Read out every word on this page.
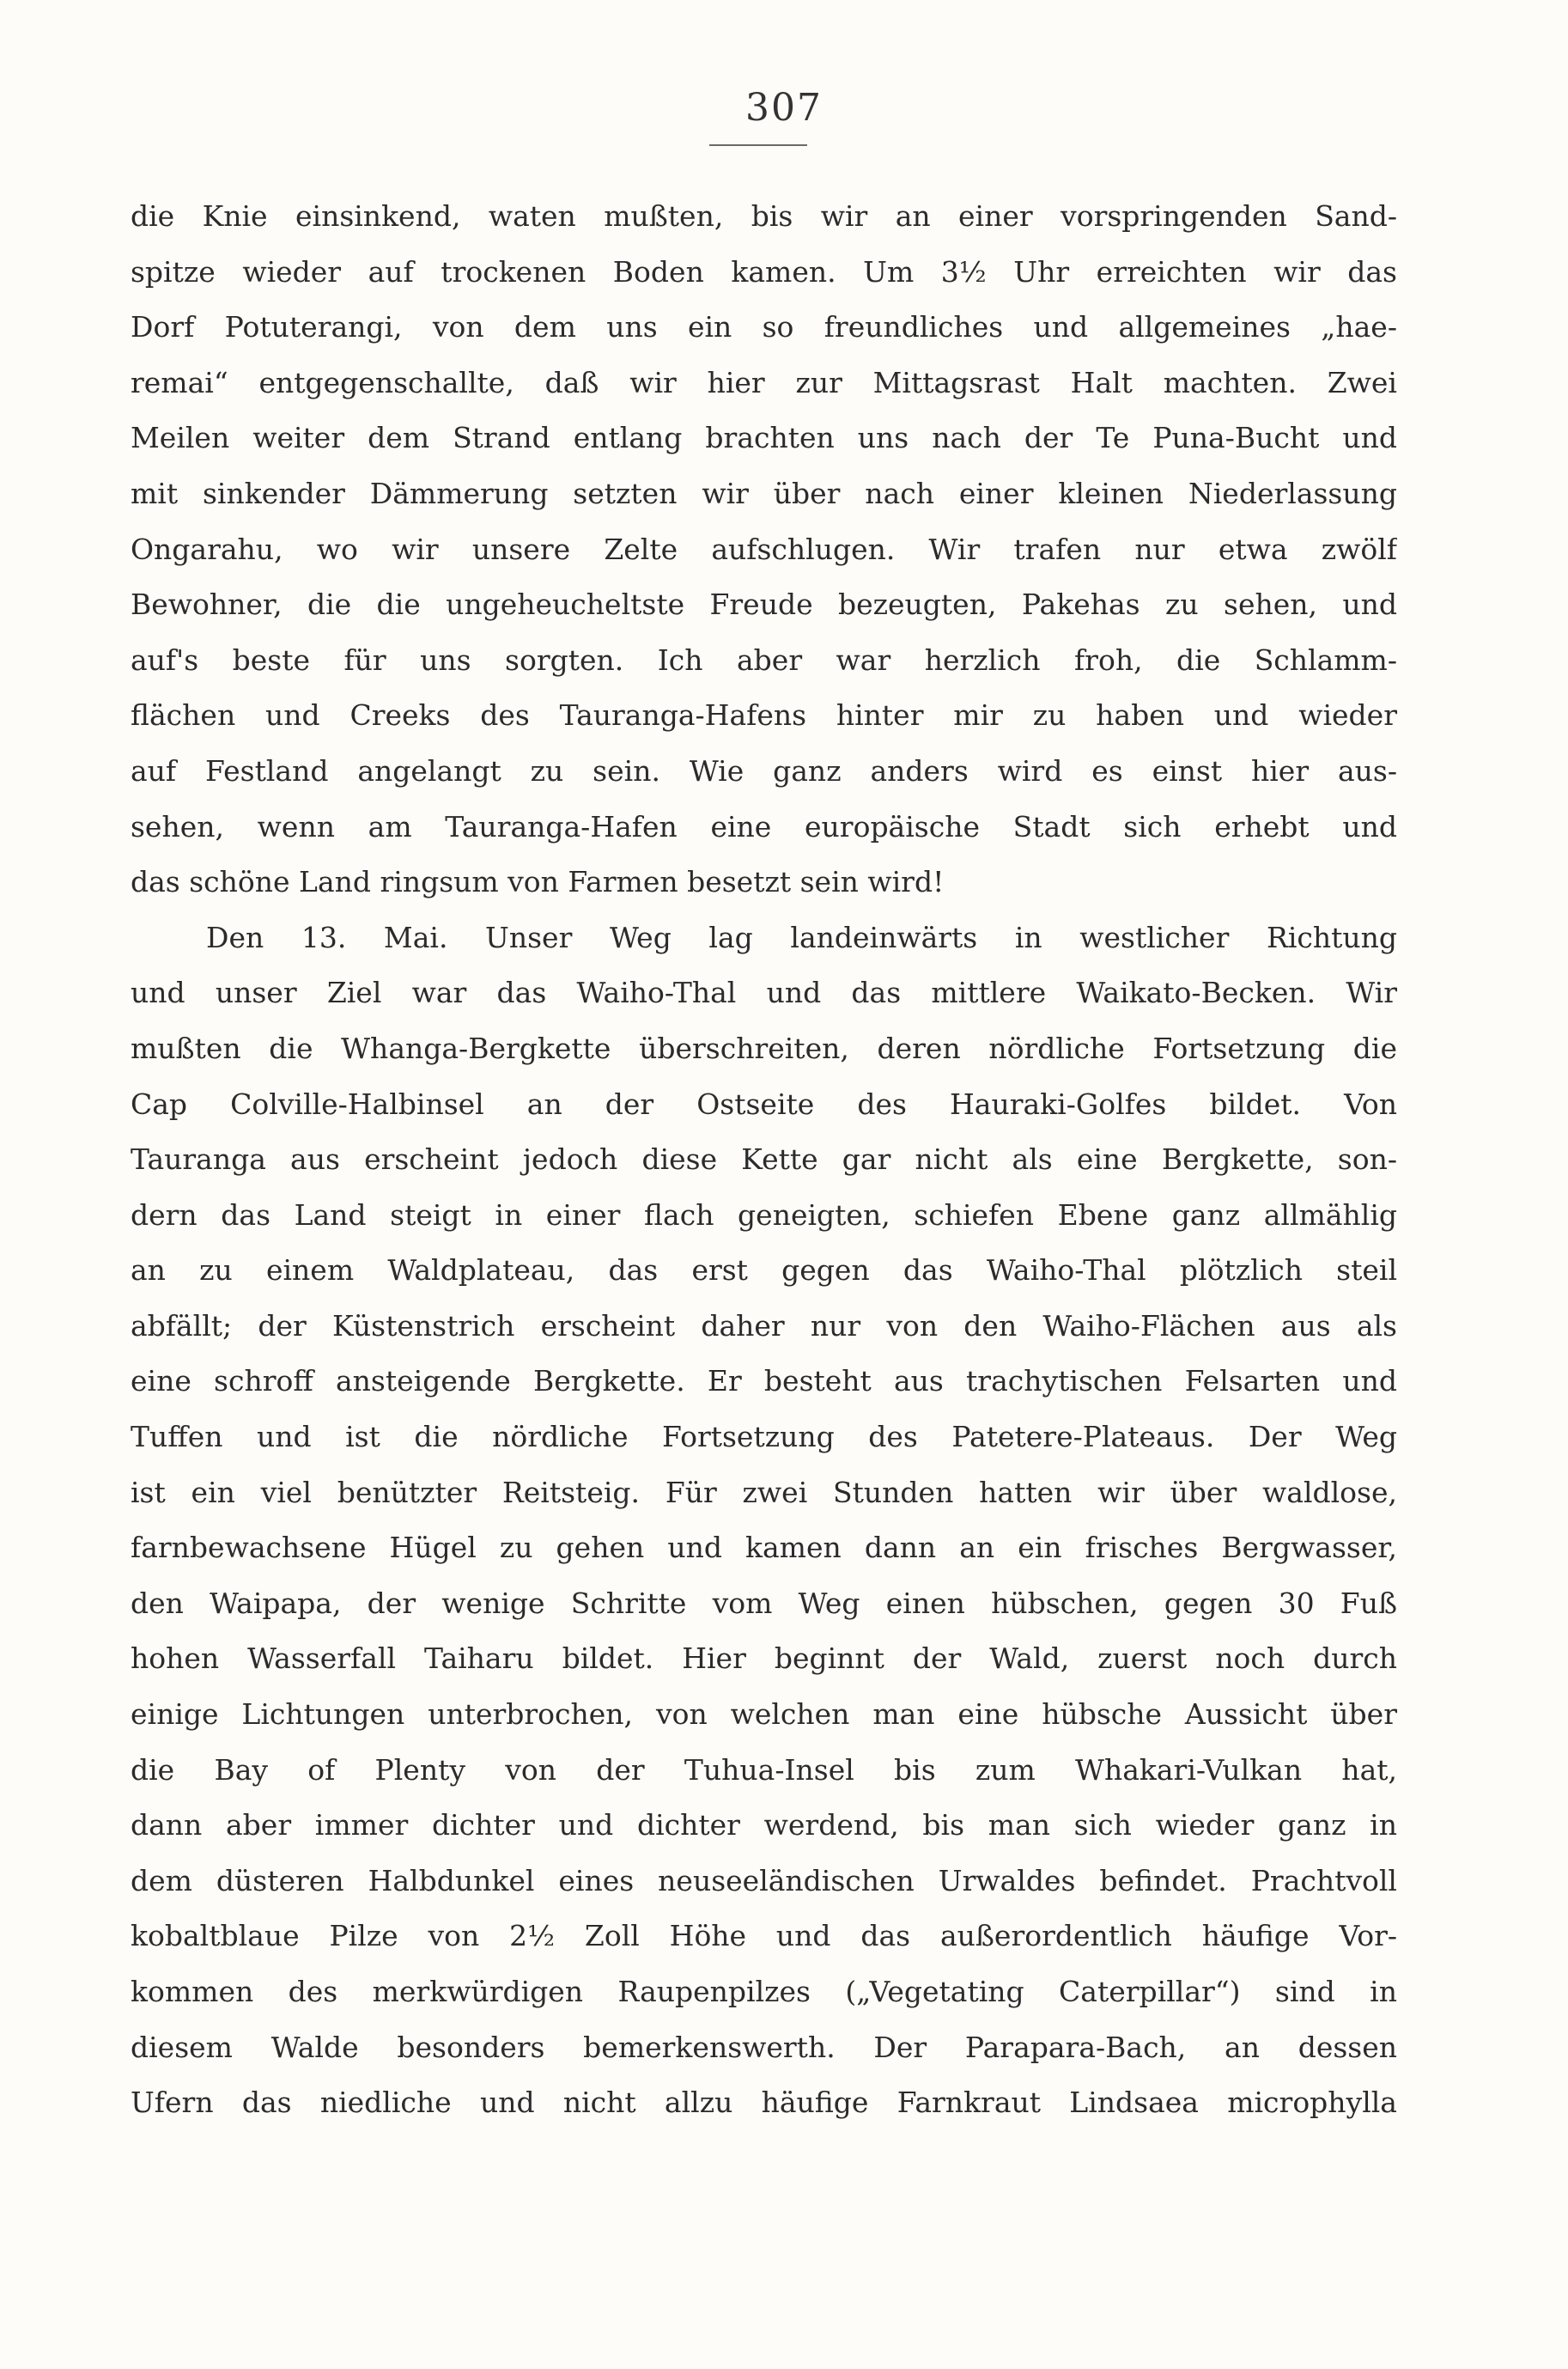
307
die Knie einsinkend, waten mußten, bis wir an einer vorspringenden Sand-
spitze wieder auf trockenen Boden kamen. Um 3½ Uhr erreichten wir das
Dorf Potuterangi, von dem uns ein so freundliches und allgemeines „hae-
remai“ entgegenschallte, daß wir hier zur Mittagsrast Halt machten. Zwei
Meilen weiter dem Strand entlang brachten uns nach der Te Puna-Bucht und
mit sinkender Dämmerung setzten wir über nach einer kleinen Niederlassung
Ongarahu, wo wir unsere Zelte aufschlugen. Wir trafen nur etwa zwölf
Bewohner, die die ungeheucheltste Freude bezeugten, Pakehas zu sehen, und
auf's beste für uns sorgten. Ich aber war herzlich froh, die Schlamm-
flächen und Creeks des Tauranga-Hafens hinter mir zu haben und wieder
auf Festland angelangt zu sein. Wie ganz anders wird es einst hier aus-
sehen, wenn am Tauranga-Hafen eine europäische Stadt sich erhebt und
das schöne Land ringsum von Farmen besetzt sein wird!
Den 13. Mai. Unser Weg lag landeinwärts in westlicher Richtung
und unser Ziel war das Waiho-Thal und das mittlere Waikato-Becken. Wir
mußten die Whanga-Bergkette überschreiten, deren nördliche Fortsetzung die
Cap Colville-Halbinsel an der Ostseite des Hauraki-Golfes bildet. Von
Tauranga aus erscheint jedoch diese Kette gar nicht als eine Bergkette, son-
dern das Land steigt in einer flach geneigten, schiefen Ebene ganz allmählig
an zu einem Waldplateau, das erst gegen das Waiho-Thal plötzlich steil
abfällt; der Küstenstrich erscheint daher nur von den Waiho-Flächen aus als
eine schroff ansteigende Bergkette. Er besteht aus trachytischen Felsarten und
Tuffen und ist die nördliche Fortsetzung des Patetere-Plateaus. Der Weg
ist ein viel benützter Reitsteig. Für zwei Stunden hatten wir über waldlose,
farnbewachsene Hügel zu gehen und kamen dann an ein frisches Bergwasser,
den Waipapa, der wenige Schritte vom Weg einen hübschen, gegen 30 Fuß
hohen Wasserfall Taiharu bildet. Hier beginnt der Wald, zuerst noch durch
einige Lichtungen unterbrochen, von welchen man eine hübsche Aussicht über
die Bay of Plenty von der Tuhua-Insel bis zum Whakari-Vulkan hat,
dann aber immer dichter und dichter werdend, bis man sich wieder ganz in
dem düsteren Halbdunkel eines neuseeländischen Urwaldes befindet. Prachtvoll
kobaltblaue Pilze von 2½ Zoll Höhe und das außerordentlich häufige Vor-
kommen des merkwürdigen Raupenpilzes („Vegetating Caterpillar“) sind in
diesem Walde besonders bemerkenswerth. Der Parapara-Bach, an dessen
Ufern das niedliche und nicht allzu häufige Farnkraut Lindsaea microphylla
